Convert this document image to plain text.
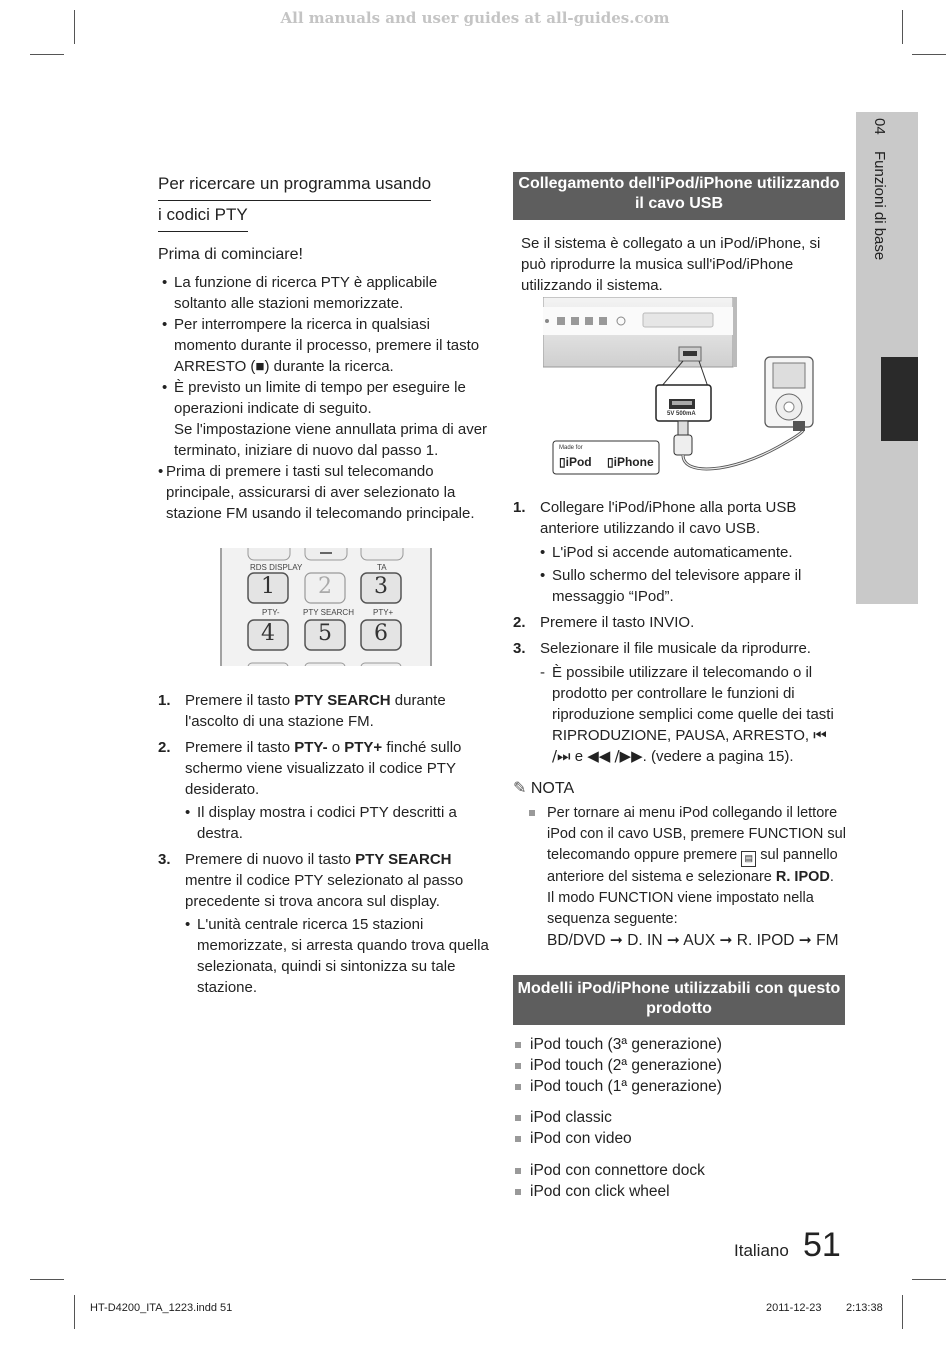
All manuals and user guides at all-guides.com
04 Funzioni di base
Per ricercare un programma usando
i codici PTY
Prima di cominciare!
• La funzione di ricerca PTY è applicabile soltanto alle stazioni memorizzate.
• Per interrompere la ricerca in qualsiasi momento durante il processo, premere il tasto
ARRESTO (■) durante la ricerca.
• È previsto un limite di tempo per eseguire le operazioni indicate di seguito.
Se l'impostazione viene annullata prima di aver terminato, iniziare di nuovo dal passo 1.
• Prima di premere i tasti sul telecomando principale, assicurarsi di aver selezionato la stazione FM usando il telecomando principale.
RDS DISPLAY	TA
PTY-	PTY SEARCH PTY+
1	2	3
4	5	6
1. Premere il tasto PTY SEARCH durante l'ascolto di una stazione FM.
2. Premere il tasto PTY- o PTY+ finché sullo schermo viene visualizzato il codice PTY desiderato.
• Il display mostra i codici PTY descritti a destra.
3. Premere di nuovo il tasto PTY SEARCH mentre il codice PTY selezionato al passo precedente si trova ancora sul display.
• L'unità centrale ricerca 15 stazioni memorizzate, si arresta quando trova quella selezionata, quindi si sintonizza su tale stazione.
Collegamento dell'iPod/iPhone utilizzando il cavo USB
Se il sistema è collegato a un iPod/iPhone, si può riprodurre la musica sull'iPod/iPhone utilizzando il sistema.
5V 500mA
Made for
▯iPod ▯iPhone
1. Collegare l'iPod/iPhone alla porta USB anteriore utilizzando il cavo USB.
• L'iPod si accende automaticamente.
• Sullo schermo del televisore appare il messaggio “IPod”.
2. Premere il tasto INVIO.
3. Selezionare il file musicale da riprodurre.
- È possibile utilizzare il telecomando o il prodotto per controllare le funzioni di riproduzione semplici come quelle dei tasti RIPRODUZIONE, PAUSA, ARRESTO, ⏮
/⏭ e ◀◀ /▶▶. (vedere a pagina 15).
✎ NOTA
Per tornare ai menu iPod collegando il lettore iPod con il cavo USB, premere FUNCTION sul telecomando oppure premere ▤ sul pannello anteriore del sistema e selezionare R. IPOD.
Il modo FUNCTION viene impostato nella sequenza seguente:
BD/DVD ➞ D. IN ➞ AUX ➞ R. IPOD ➞ FM
Modelli iPod/iPhone utilizzabili con questo prodotto
iPod touch (3ª generazione)
iPod touch (2ª generazione)
iPod touch (1ª generazione)
iPod classic
iPod con video
iPod con connettore dock
iPod con click wheel
Italiano 51
HT-D4200_ITA_1223.indd 51	2011-12-23 2:13:38
